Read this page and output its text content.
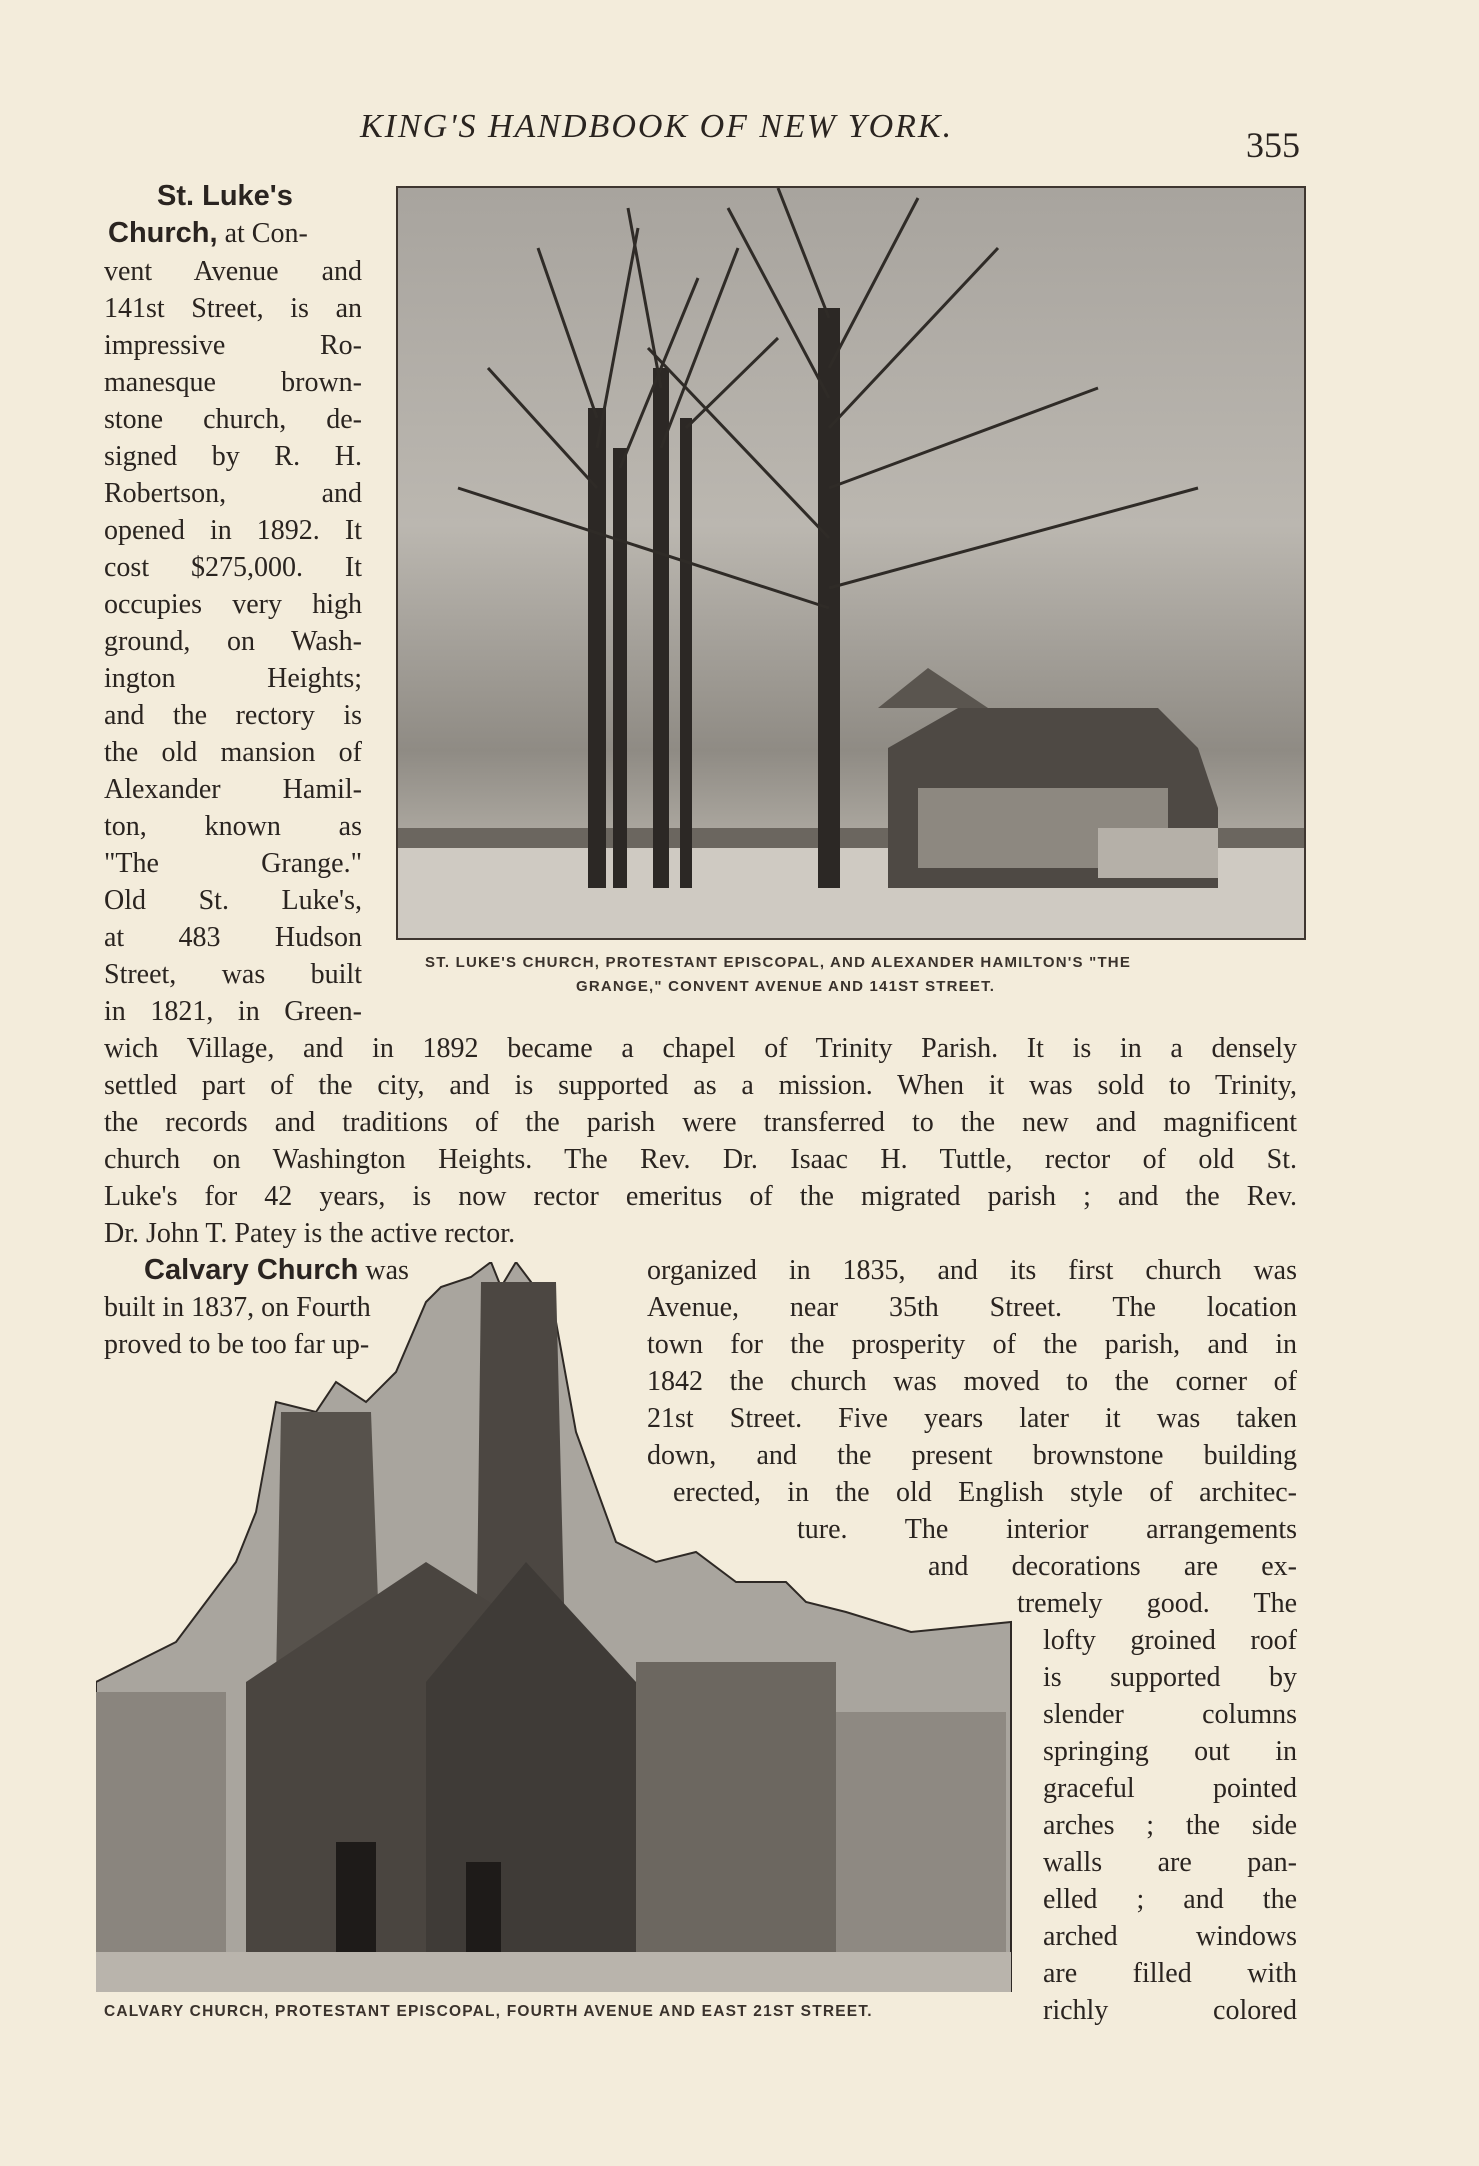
KING'S HANDBOOK OF NEW YORK.	355
ST. LUKE'S CHURCH, PROTESTANT EPISCOPAL, AND ALEXANDER HAMILTON'S "THE
GRANGE," CONVENT AVENUE AND 141ST STREET.
St. Luke's
Church, at Con-
vent Avenue and
141st Street, is an
impressive Ro-
manesque brown-
stone church, de-
signed by R. H.
Robertson, and
opened in 1892. It
cost $275,000. It
occupies very high
ground, on Wash-
ington Heights;
and the rectory is
the old mansion of
Alexander Hamil-
ton, known as
"The Grange."
Old St. Luke's,
at 483 Hudson
Street, was built
in 1821, in Green-
wich Village, and in 1892 became a chapel of Trinity Parish. It is in a densely
settled part of the city, and is supported as a mission. When it was sold to Trinity,
the records and traditions of the parish were transferred to the new and magnificent
church on Washington Heights. The Rev. Dr. Isaac H. Tuttle, rector of old St.
Luke's for 42 years, is now rector emeritus of the migrated parish ; and the Rev.
Dr. John T. Patey is the active rector.
Calvary Church was
built in 1837, on Fourth
proved to be too far up-
CALVARY CHURCH, PROTESTANT EPISCOPAL, FOURTH AVENUE AND EAST 21ST STREET.
organized in 1835, and its first church was
Avenue, near 35th Street. The location
town for the prosperity of the parish, and in
1842 the church was moved to the corner of
21st Street. Five years later it was taken
down, and the present brownstone building
erected, in the old English style of architec-
ture. The interior arrangements
and decorations are ex-
tremely good. The
lofty groined roof
is supported by
slender columns
springing out in
graceful pointed
arches ; the side
walls are pan-
elled ; and the
arched windows
are filled with
richly colored
